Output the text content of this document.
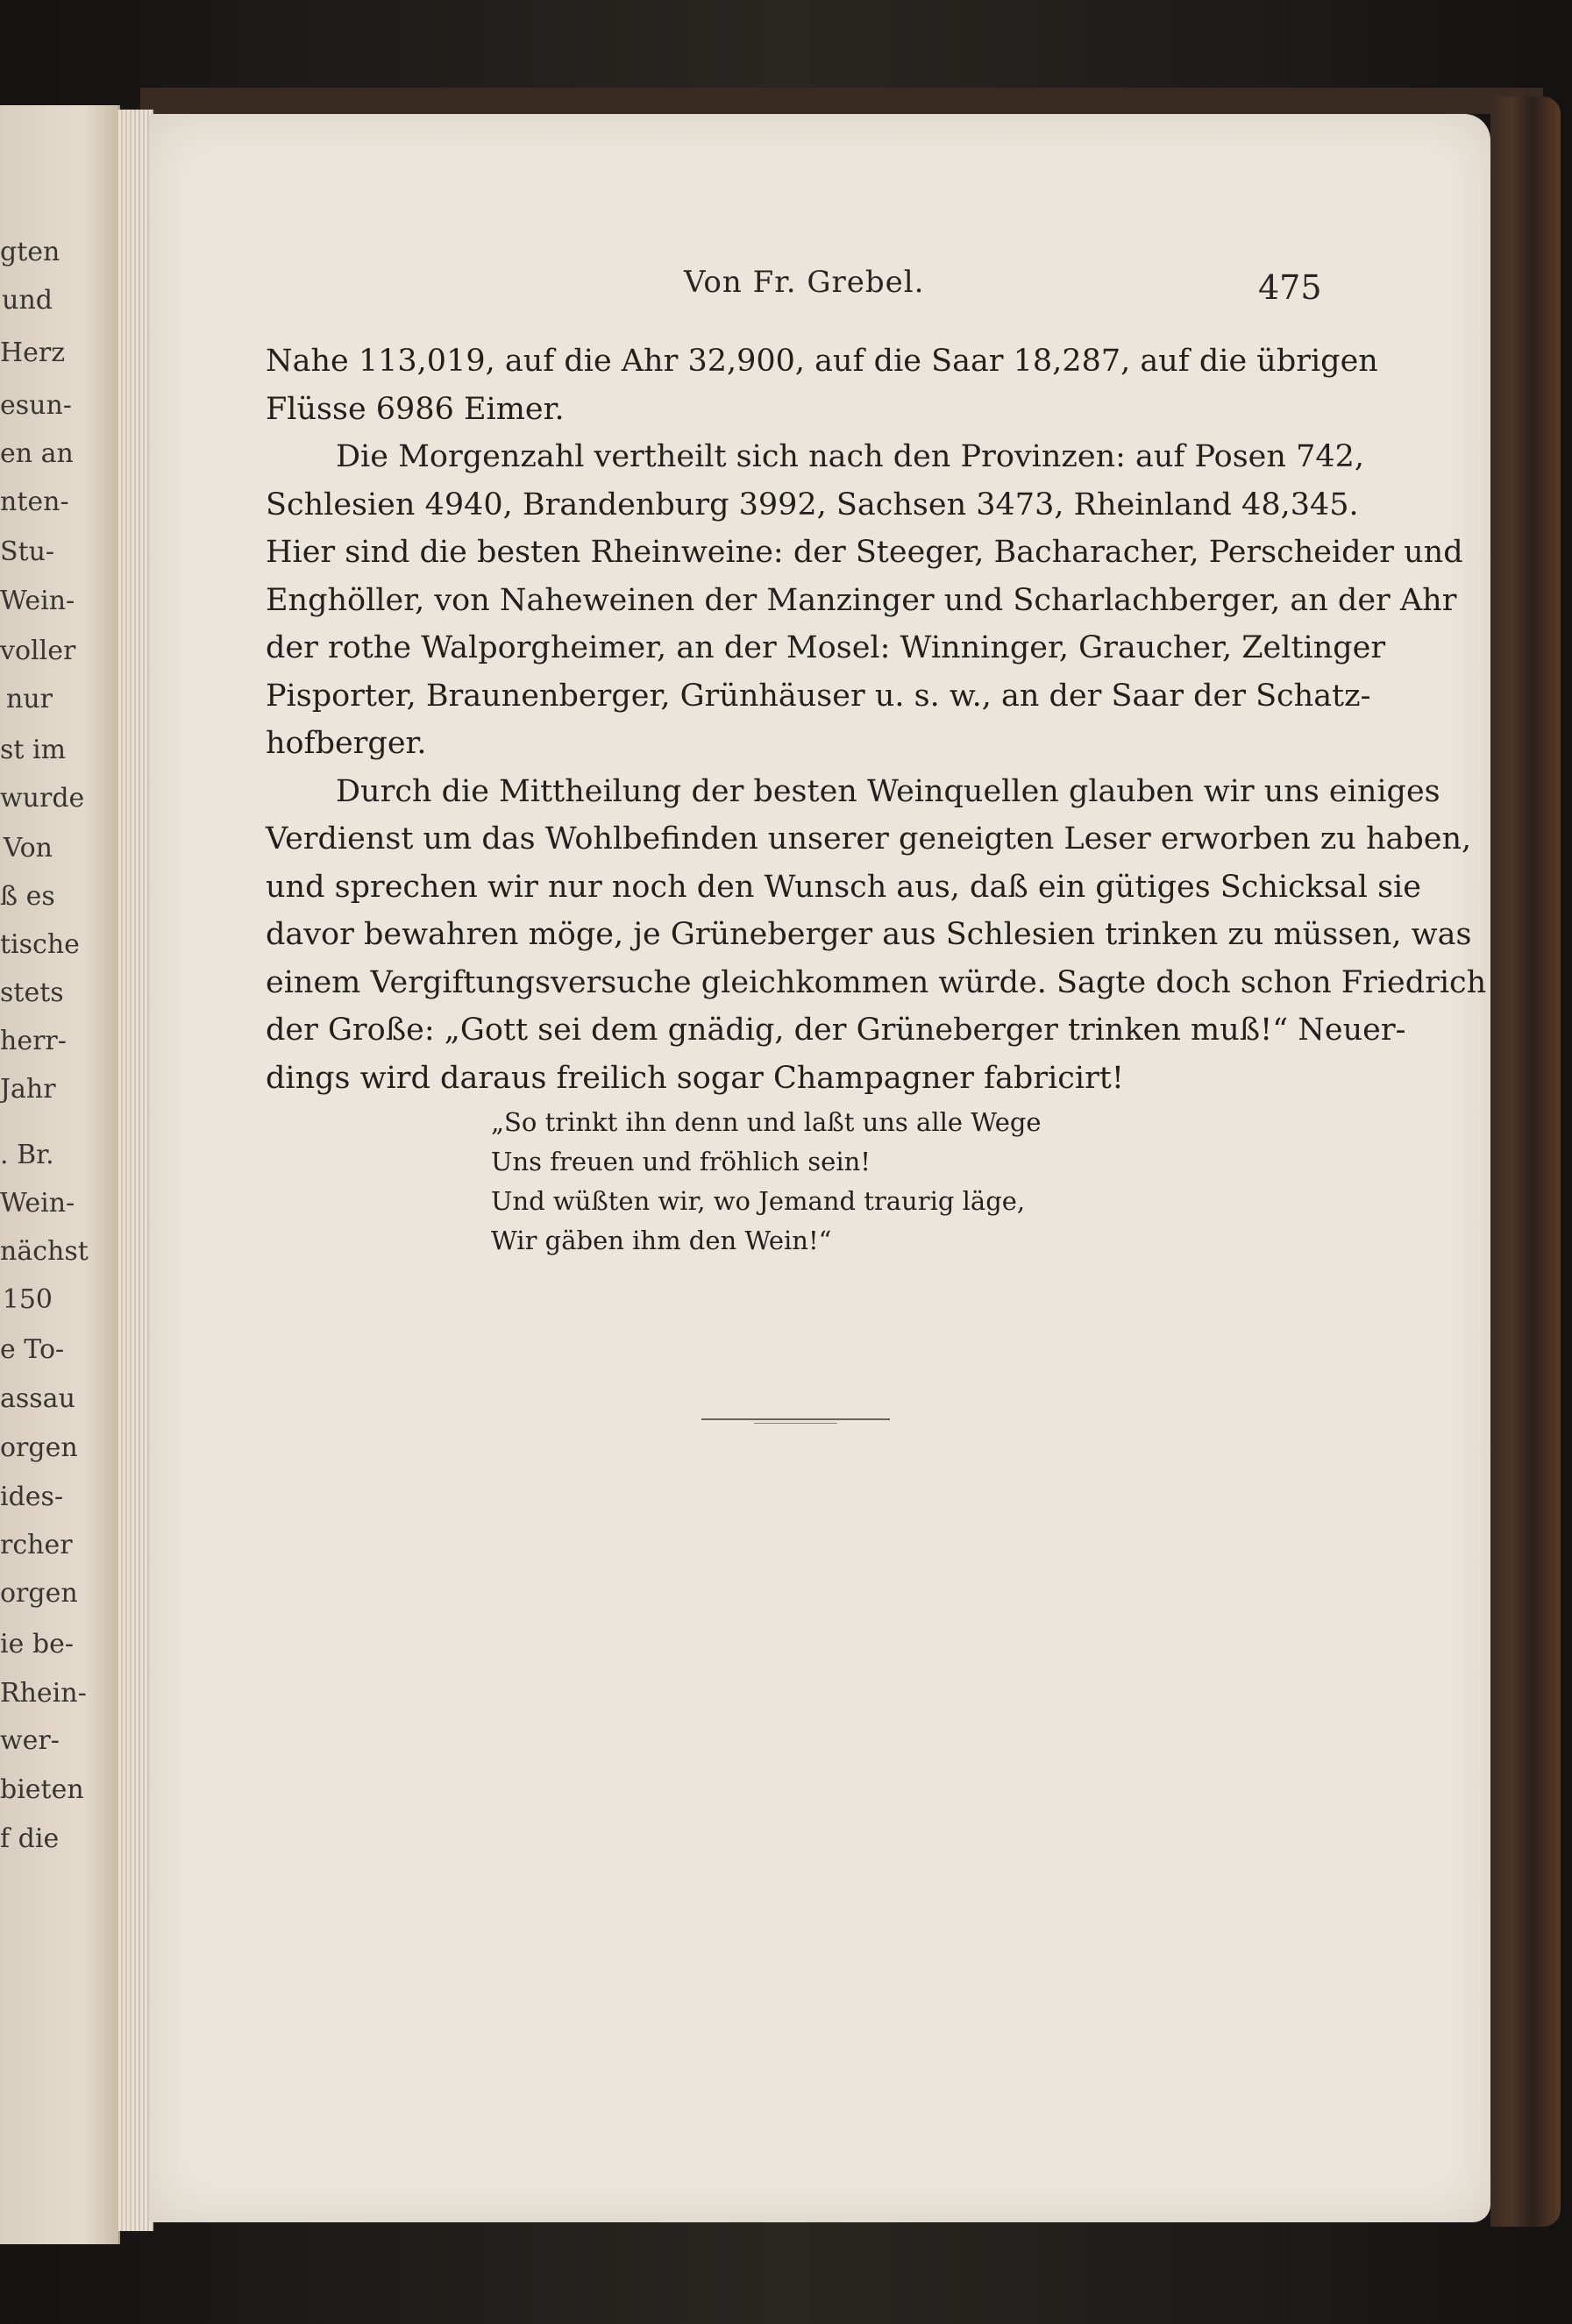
gten
und
Herz
esun-
en an
nten-
Stu-
Wein-
voller
nur
st im
wurde
Von
ß es
tische
stets
herr-
Jahr
. Br.
Wein-
nächst
150
e To-
assau
orgen
ides-
rcher
orgen
ie be-
Rhein-
wer-
bieten
f die
Von Fr. Grebel.	475
Nahe 113,019, auf die Ahr 32,900, auf die Saar 18,287, auf die übrigen
Flüsse 6986 Eimer.
Die Morgenzahl vertheilt sich nach den Provinzen: auf Posen 742,
Schlesien 4940, Brandenburg 3992, Sachsen 3473, Rheinland 48,345.
Hier sind die besten Rheinweine: der Steeger, Bacharacher, Perscheider und
Enghöller, von Naheweinen der Manzinger und Scharlachberger, an der Ahr
der rothe Walporgheimer, an der Mosel: Winninger, Graucher, Zeltinger
Pisporter, Braunenberger, Grünhäuser u. s. w., an der Saar der Schatz-
hofberger.
Durch die Mittheilung der besten Weinquellen glauben wir uns einiges
Verdienst um das Wohlbefinden unserer geneigten Leser erworben zu haben,
und sprechen wir nur noch den Wunsch aus, daß ein gütiges Schicksal sie
davor bewahren möge, je Grüneberger aus Schlesien trinken zu müssen, was
einem Vergiftungsversuche gleichkommen würde. Sagte doch schon Friedrich
der Große: „Gott sei dem gnädig, der Grüneberger trinken muß!“ Neuer-
dings wird daraus freilich sogar Champagner fabricirt!
„So trinkt ihn denn und laßt uns alle Wege
Uns freuen und fröhlich sein!
Und wüßten wir, wo Jemand traurig läge,
Wir gäben ihm den Wein!“
